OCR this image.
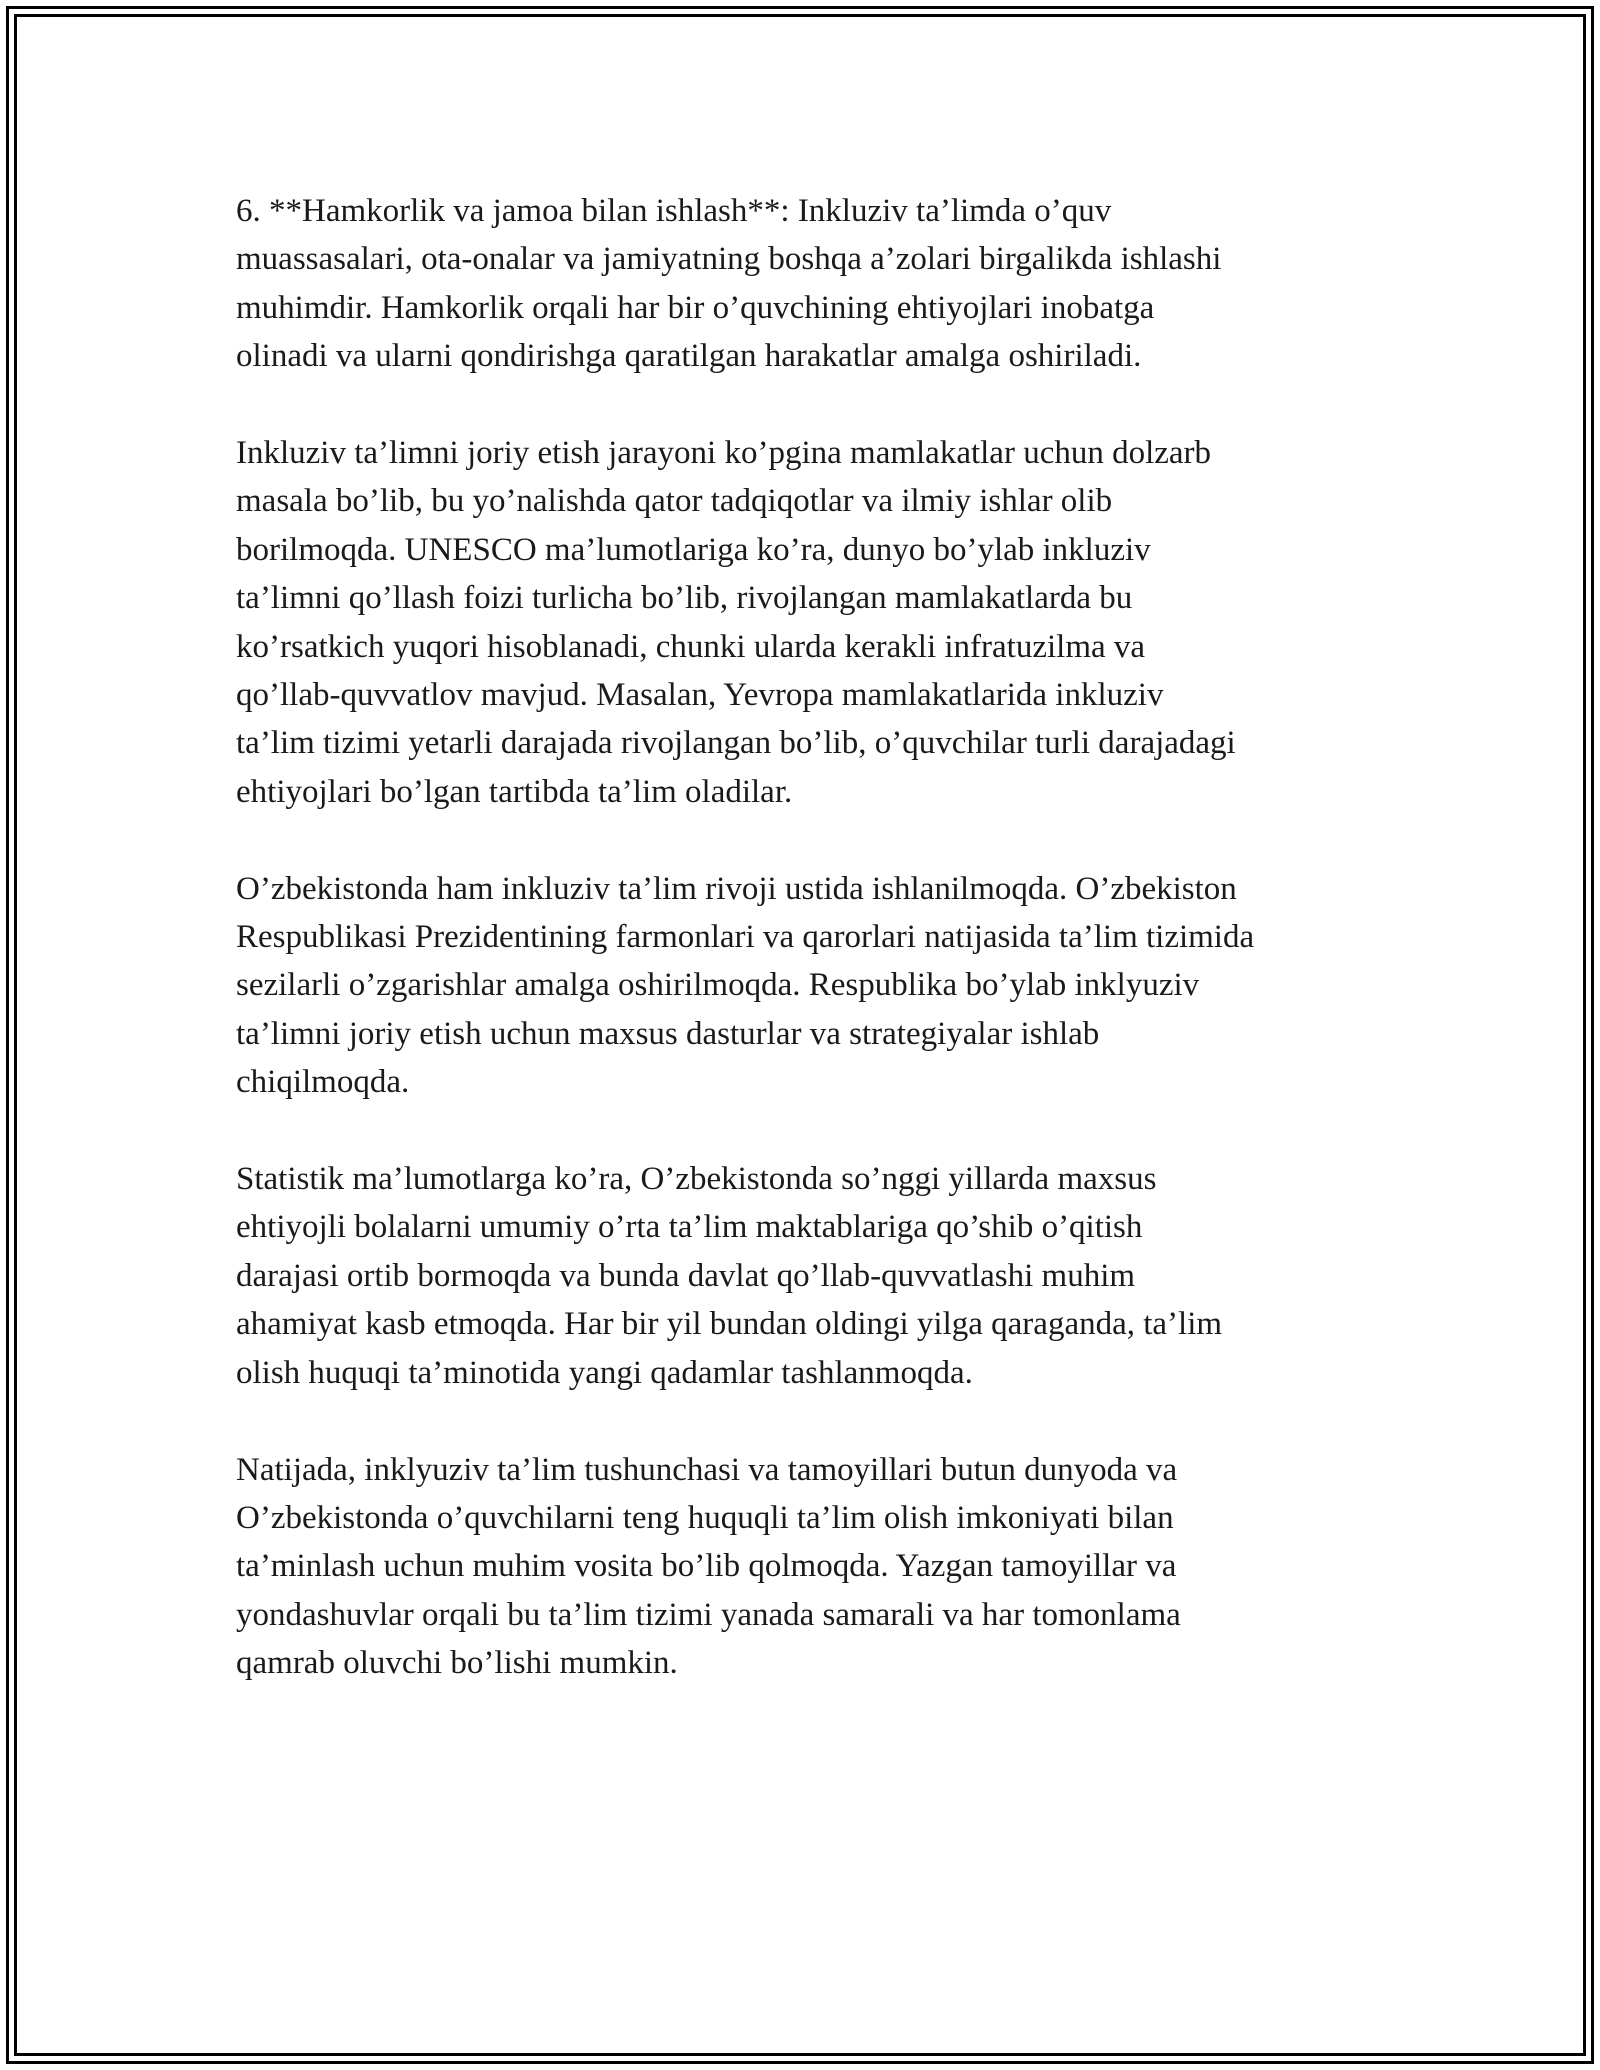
6. **Hamkorlik va jamoa bilan ishlash**: Inkluziv ta’limda o’quv
muassasalari, ota-onalar va jamiyatning boshqa a’zolari birgalikda ishlashi
muhimdir. Hamkorlik orqali har bir o’quvchining ehtiyojlari inobatga
olinadi va ularni qondirishga qaratilgan harakatlar amalga oshiriladi.

Inkluziv ta’limni joriy etish jarayoni ko’pgina mamlakatlar uchun dolzarb
masala bo’lib, bu yo’nalishda qator tadqiqotlar va ilmiy ishlar olib
borilmoqda. UNESCO ma’lumotlariga ko’ra, dunyo bo’ylab inkluziv
ta’limni qo’llash foizi turlicha bo’lib, rivojlangan mamlakatlarda bu
ko’rsatkich yuqori hisoblanadi, chunki ularda kerakli infratuzilma va
qo’llab-quvvatlov mavjud. Masalan, Yevropa mamlakatlarida inkluziv
ta’lim tizimi yetarli darajada rivojlangan bo’lib, o’quvchilar turli darajadagi
ehtiyojlari bo’lgan tartibda ta’lim oladilar.

O’zbekistonda ham inkluziv ta’lim rivoji ustida ishlanilmoqda. O’zbekiston
Respublikasi Prezidentining farmonlari va qarorlari natijasida ta’lim tizimida
sezilarli o’zgarishlar amalga oshirilmoqda. Respublika bo’ylab inklyuziv
ta’limni joriy etish uchun maxsus dasturlar va strategiyalar ishlab
chiqilmoqda.

Statistik ma’lumotlarga ko’ra, O’zbekistonda so’nggi yillarda maxsus
ehtiyojli bolalarni umumiy o’rta ta’lim maktablariga qo’shib o’qitish
darajasi ortib bormoqda va bunda davlat qo’llab-quvvatlashi muhim
ahamiyat kasb etmoqda. Har bir yil bundan oldingi yilga qaraganda, ta’lim
olish huquqi ta’minotida yangi qadamlar tashlanmoqda.

Natijada, inklyuziv ta’lim tushunchasi va tamoyillari butun dunyoda va
O’zbekistonda o’quvchilarni teng huquqli ta’lim olish imkoniyati bilan
ta’minlash uchun muhim vosita bo’lib qolmoqda. Yazgan tamoyillar va
yondashuvlar orqali bu ta’lim tizimi yanada samarali va har tomonlama
qamrab oluvchi bo’lishi mumkin.
